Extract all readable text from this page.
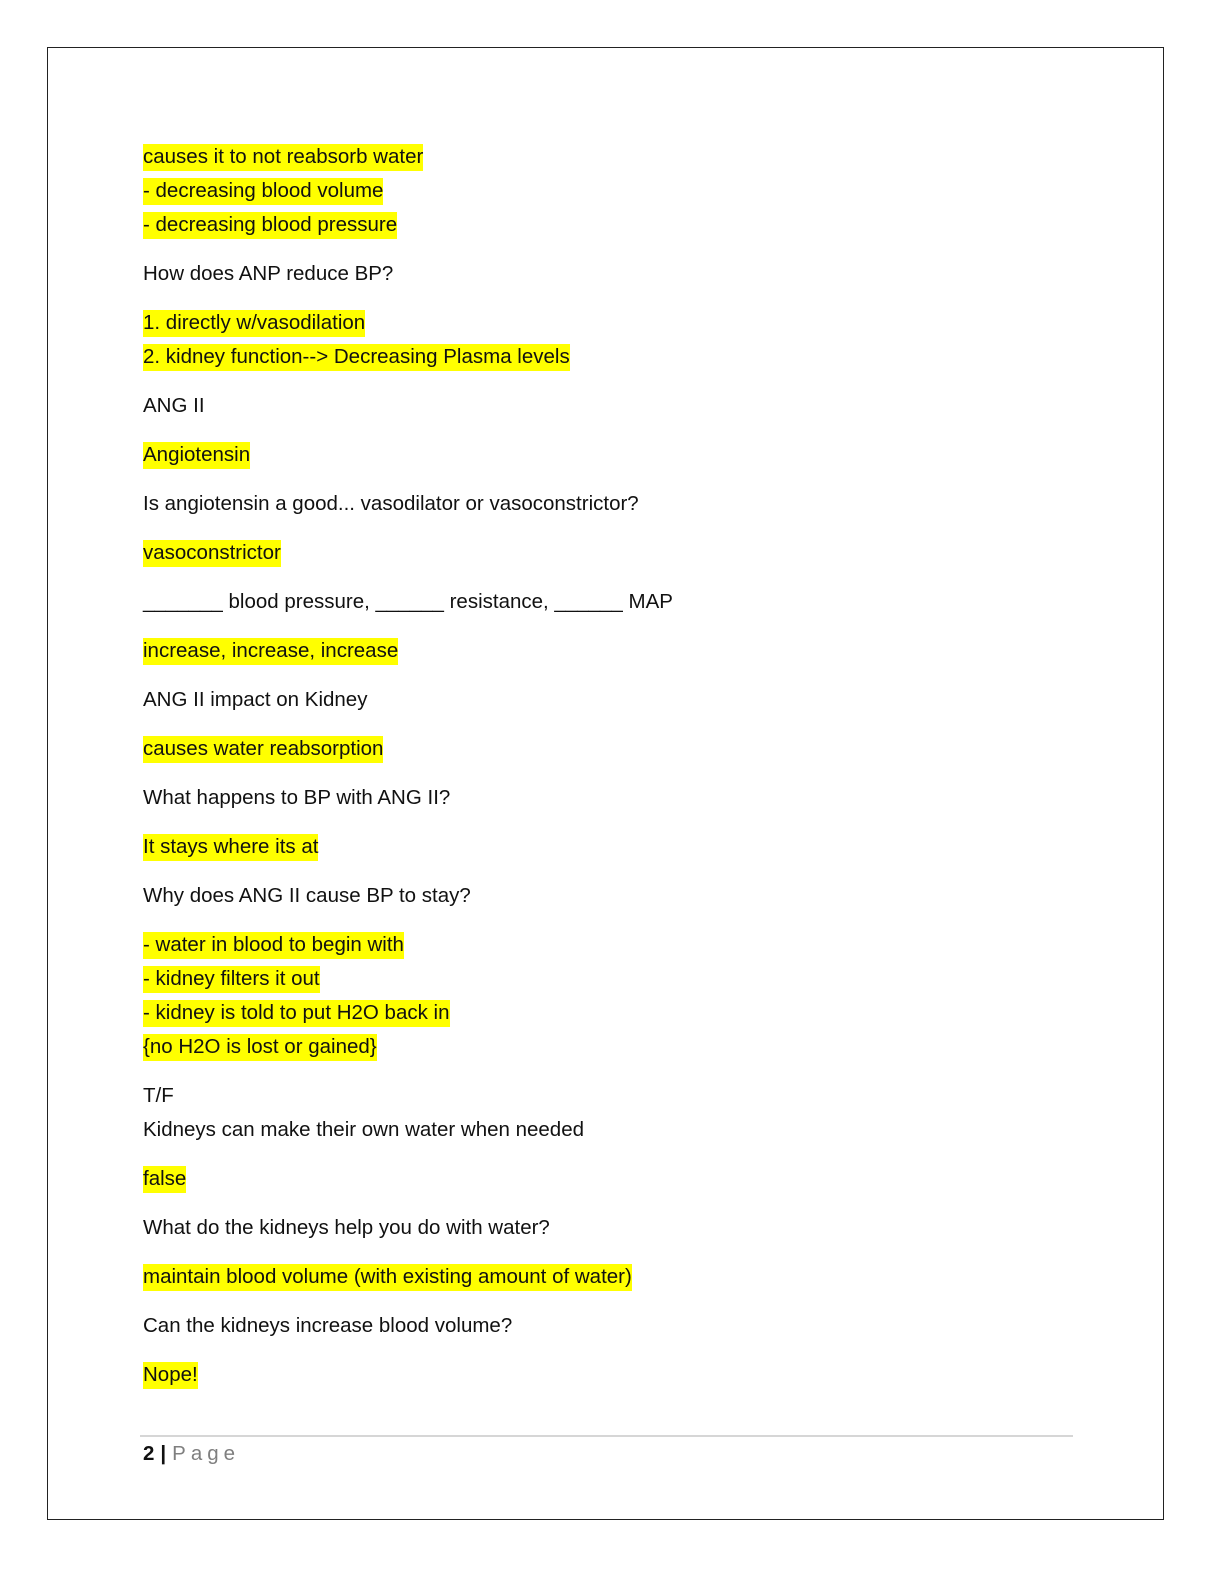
causes it to not reabsorb water
- decreasing blood volume
- decreasing blood pressure
How does ANP reduce BP?
1. directly w/vasodilation
2. kidney function--> Decreasing Plasma levels
ANG II
Angiotensin
Is angiotensin a good... vasodilator or vasoconstrictor?
vasoconstrictor
_______ blood pressure, ______ resistance, ______ MAP
increase, increase, increase
ANG II impact on Kidney
causes water reabsorption
What happens to BP with ANG II?
It stays where its at
Why does ANG II cause BP to stay?
- water in blood to begin with
- kidney filters it out
- kidney is told to put H2O back in
{no H2O is lost or gained}
T/F
Kidneys can make their own water when needed
false
What do the kidneys help you do with water?
maintain blood volume (with existing amount of water)
Can the kidneys increase blood volume?
Nope!
2 | Page
